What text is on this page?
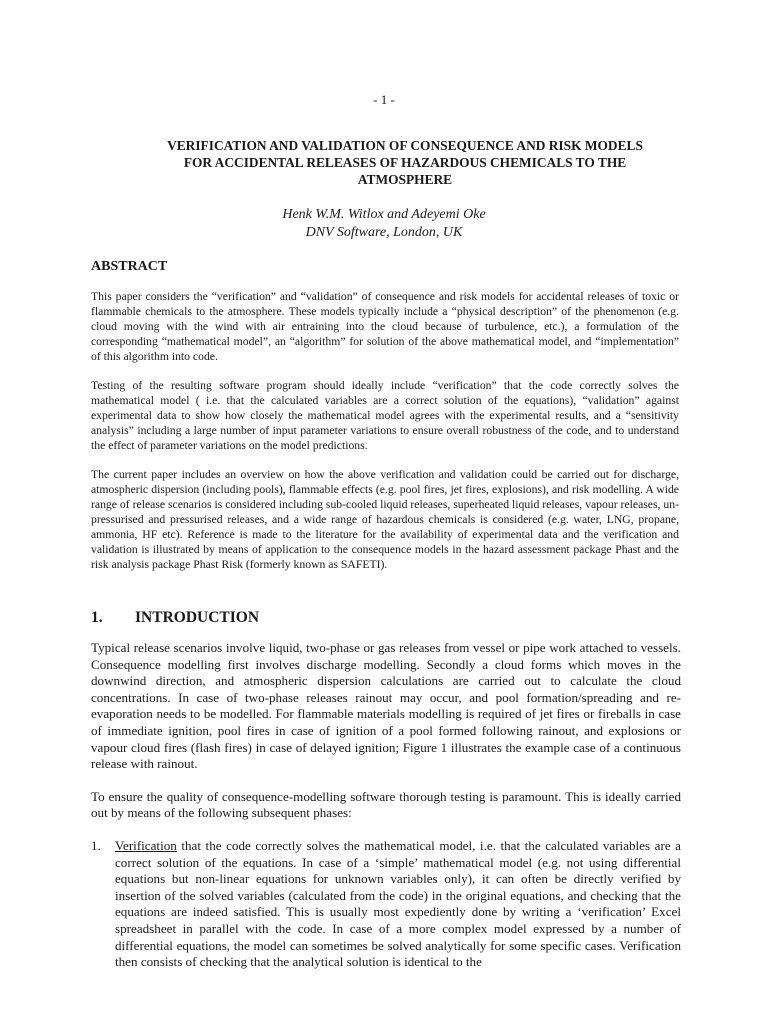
- 1 -
VERIFICATION AND VALIDATION OF CONSEQUENCE AND RISK MODELS
FOR ACCIDENTAL RELEASES OF HAZARDOUS CHEMICALS TO THE
ATMOSPHERE
Henk W.M. Witlox and Adeyemi Oke
DNV Software, London, UK
ABSTRACT

This paper considers the “verification” and “validation” of consequence and risk models for accidental releases of toxic or flammable chemicals to the atmosphere. These models typically include a “physical description” of the phenomenon (e.g. cloud moving with the wind with air entraining into the cloud because of turbulence, etc.), a formulation of the corresponding “mathematical model”, an “algorithm” for solution of the above mathematical model, and “implementation” of this algorithm into code.

Testing of the resulting software program should ideally include “verification” that the code correctly solves the mathematical model ( i.e. that the calculated variables are a correct solution of the equations), “validation” against experimental data to show how closely the mathematical model agrees with the experimental results, and a “sensitivity analysis” including a large number of input parameter variations to ensure overall robustness of the code, and to understand the effect of parameter variations on the model predictions.

The current paper includes an overview on how the above verification and validation could be carried out for discharge, atmospheric dispersion (including pools), flammable effects (e.g. pool fires, jet fires, explosions), and risk modelling. A wide range of release scenarios is considered including sub-cooled liquid releases, superheated liquid releases, vapour releases, un-pressurised and pressurised releases, and a wide range of hazardous chemicals is considered (e.g. water, LNG, propane, ammonia, HF etc). Reference is made to the literature for the availability of experimental data and the verification and validation is illustrated by means of application to the consequence models in the hazard assessment package Phast and the risk analysis package Phast Risk (formerly known as SAFETI).

1. INTRODUCTION

Typical release scenarios involve liquid, two-phase or gas releases from vessel or pipe work attached to vessels. Consequence modelling first involves discharge modelling. Secondly a cloud forms which moves in the downwind direction, and atmospheric dispersion calculations are carried out to calculate the cloud concentrations. In case of two-phase releases rainout may occur, and pool formation/spreading and re-evaporation needs to be modelled. For flammable materials modelling is required of jet fires or fireballs in case of immediate ignition, pool fires in case of ignition of a pool formed following rainout, and explosions or vapour cloud fires (flash fires) in case of delayed ignition; Figure 1 illustrates the example case of a continuous release with rainout.

To ensure the quality of consequence-modelling software thorough testing is paramount. This is ideally carried out by means of the following subsequent phases:

1. Verification that the code correctly solves the mathematical model, i.e. that the calculated variables are a correct solution of the equations. In case of a ‘simple’ mathematical model (e.g. not using differential equations but non-linear equations for unknown variables only), it can often be directly verified by insertion of the solved variables (calculated from the code) in the original equations, and checking that the equations are indeed satisfied. This is usually most expediently done by writing a ‘verification’ Excel spreadsheet in parallel with the code. In case of a more complex model expressed by a number of differential equations, the model can sometimes be solved analytically for some specific cases. Verification then consists of checking that the analytical solution is identical to the
